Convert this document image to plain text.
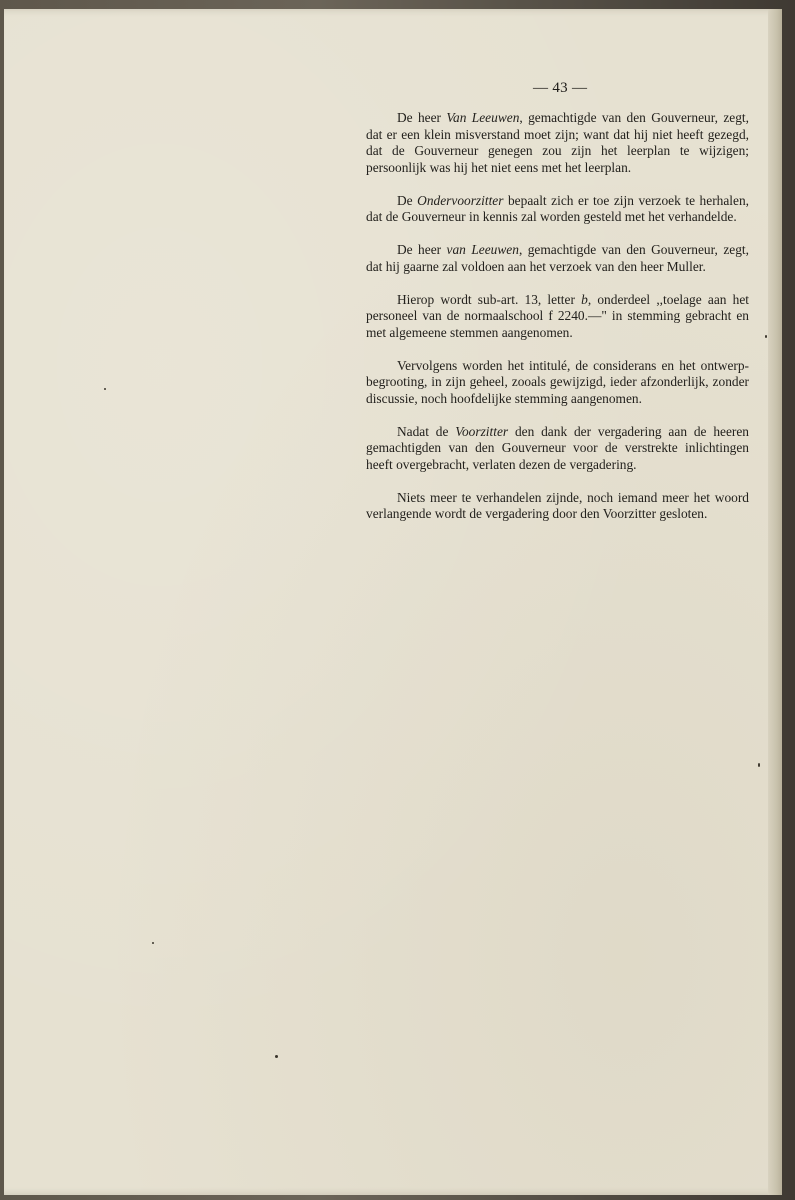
— 43 —

De heer Van Leeuwen, gemachtigde van den Gouverneur, zegt, dat er een klein misverstand moet zijn; want dat hij niet heeft gezegd, dat de Gouverneur genegen zou zijn het leerplan te wijzigen; persoonlijk was hij het niet eens met het leerplan.

De Ondervoorzitter bepaalt zich er toe zijn verzoek te herhalen, dat de Gouverneur in kennis zal worden gesteld met het verhandelde.

De heer van Leeuwen, gemachtigde van den Gouverneur, zegt, dat hij gaarne zal voldoen aan het verzoek van den heer Muller.

Hierop wordt sub-art. 13, letter b, onderdeel ,,toelage aan het personeel van de normaalschool f 2240.—" in stemming gebracht en met algemeene stemmen aangenomen.

Vervolgens worden het intitulé, de considerans en het ontwerp-begrooting, in zijn geheel, zooals gewijzigd, ieder afzonderlijk, zonder discussie, noch hoofdelijke stemming aangenomen.

Nadat de Voorzitter den dank der vergadering aan de heeren gemachtigden van den Gouverneur voor de verstrekte inlichtingen heeft overgebracht, verlaten dezen de vergadering.

Niets meer te verhandelen zijnde, noch iemand meer het woord verlangende wordt de vergadering door den Voorzitter gesloten.
